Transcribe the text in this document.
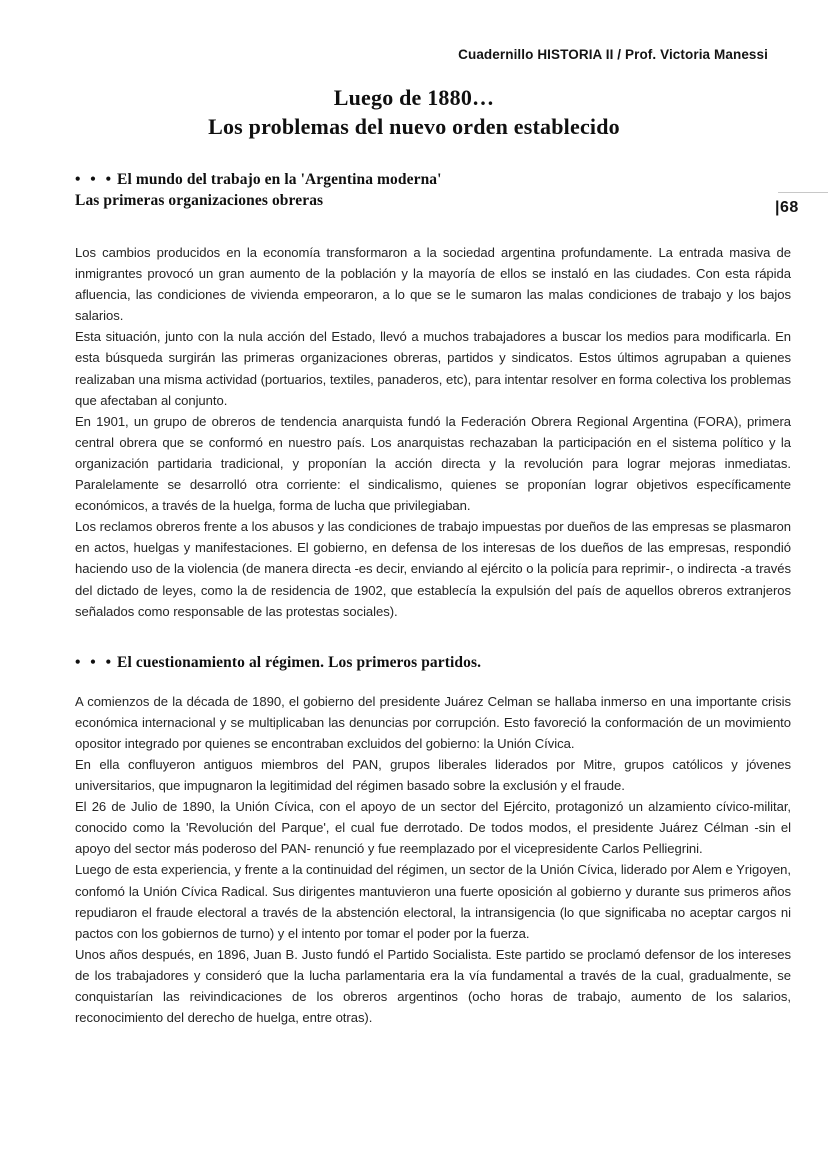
Cuadernillo HISTORIA II / Prof. Victoria Manessi
Luego de 1880…
Los problemas del nuevo orden establecido
|68

• • • El mundo del trabajo en la 'Argentina moderna'

Las primeras organizaciones obreras

Los cambios producidos en la economía transformaron a la sociedad argentina profundamente. La entrada masiva de inmigrantes provocó un gran aumento de la población y la mayoría de ellos se instaló en las ciudades. Con esta rápida afluencia, las condiciones de vivienda empeoraron, a lo que se le sumaron las malas condiciones de trabajo y los bajos salarios.

Esta situación, junto con la nula acción del Estado, llevó a muchos trabajadores a buscar los medios para modificarla. En esta búsqueda surgirán las primeras organizaciones obreras, partidos y sindicatos. Estos últimos agrupaban a quienes realizaban una misma actividad (portuarios, textiles, panaderos, etc), para intentar resolver en forma colectiva los problemas que afectaban al conjunto.

En 1901, un grupo de obreros de tendencia anarquista fundó la Federación Obrera Regional Argentina (FORA), primera central obrera que se conformó en nuestro país. Los anarquistas rechazaban la participación en el sistema político y la organización partidaria tradicional, y proponían la acción directa y la revolución para lograr mejoras inmediatas. Paralelamente se desarrolló otra corriente: el sindicalismo, quienes se proponían lograr objetivos específicamente económicos, a través de la huelga, forma de lucha que privilegiaban.

Los reclamos obreros frente a los abusos y las condiciones de trabajo impuestas por dueños de las empresas se plasmaron en actos, huelgas y manifestaciones. El gobierno, en defensa de los interesas de los dueños de las empresas, respondió haciendo uso de la violencia (de manera directa -es decir, enviando al ejército o la policía para reprimir-, o indirecta -a través del dictado de leyes, como la de residencia de 1902, que establecía la expulsión del país de aquellos obreros extranjeros señalados como responsable de las protestas sociales).

• • • El cuestionamiento al régimen. Los primeros partidos.

A comienzos de la década de 1890, el gobierno del presidente Juárez Celman se hallaba inmerso en una importante crisis económica internacional y se multiplicaban las denuncias por corrupción. Esto favoreció la conformación de un movimiento opositor integrado por quienes se encontraban excluidos del gobierno: la Unión Cívica.

En ella confluyeron antiguos miembros del PAN, grupos liberales liderados por Mitre, grupos católicos y jóvenes universitarios, que impugnaron la legitimidad del régimen basado sobre la exclusión y el fraude.

El 26 de Julio de 1890, la Unión Cívica, con el apoyo de un sector del Ejército, protagonizó un alzamiento cívico-militar, conocido como la 'Revolución del Parque', el cual fue derrotado. De todos modos, el presidente Juárez Célman -sin el apoyo del sector más poderoso del PAN- renunció y fue reemplazado por el vicepresidente Carlos Pelliegrini.

Luego de esta experiencia, y frente a la continuidad del régimen, un sector de la Unión Cívica, liderado por Alem e Yrigoyen, confomó la Unión Cívica Radical. Sus dirigentes mantuvieron una fuerte oposición al gobierno y durante sus primeros años repudiaron el fraude electoral a través de la abstención electoral, la intransigencia (lo que significaba no aceptar cargos ni pactos con los gobiernos de turno) y el intento por tomar el poder por la fuerza.

Unos años después, en 1896, Juan B. Justo fundó el Partido Socialista. Este partido se proclamó defensor de los intereses de los trabajadores y consideró que la lucha parlamentaria era la vía fundamental a través de la cual, gradualmente, se conquistarían las reivindicaciones de los obreros argentinos (ocho horas de trabajo, aumento de los salarios, reconocimiento del derecho de huelga, entre otras).
